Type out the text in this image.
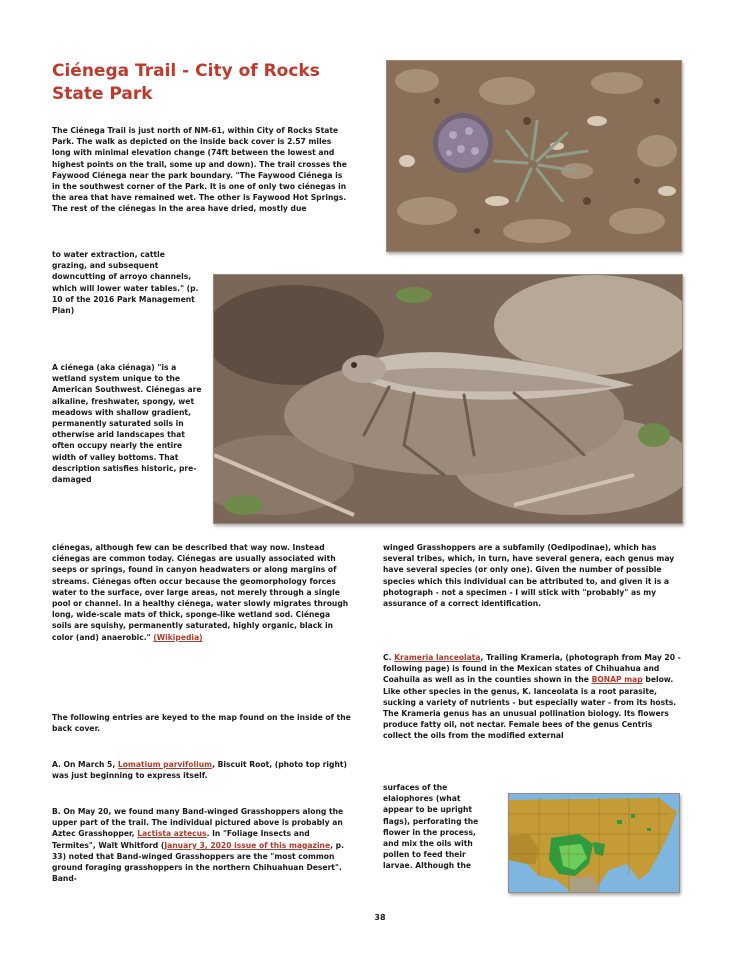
Ciénega Trail - City of Rocks State Park

The Ciénega Trail is just north of NM-61, within City of Rocks State Park. The walk as depicted on the inside back cover is 2.57 miles long with minimal elevation change (74ft between the lowest and highest points on the trail, some up and down). The trail crosses the Faywood Ciénega near the park boundary. "The Faywood Ciénega is in the southwest corner of the Park. It is one of only two ciénegas in the area that have remained wet. The other is Faywood Hot Springs. The rest of the ciénegas in the area have dried, mostly due

to water extraction, cattle grazing, and subsequent downcutting of arroyo channels, which will lower water tables." (p. 10 of the 2016 Park Management Plan)

A ciénega (aka ciénaga) "is a wetland system unique to the American Southwest. Ciénegas are alkaline, freshwater, spongy, wet meadows with shallow gradient, permanently saturated soils in otherwise arid landscapes that often occupy nearly the entire width of valley bottoms. That description satisfies historic, pre-damaged

ciénegas, although few can be described that way now. Instead ciénegas are common today. Ciénegas are usually associated with seeps or springs, found in canyon headwaters or along margins of streams. Ciénegas often occur because the geomorphology forces water to the surface, over large areas, not merely through a single pool or channel. In a healthy ciénega, water slowly migrates through long, wide-scale mats of thick, sponge-like wetland sod. Ciénega soils are squishy, permanently saturated, highly organic, black in color (and) anaerobic." (Wikipedia)

The following entries are keyed to the map found on the inside of the back cover.

A. On March 5, Lomatium parvifolium, Biscuit Root, (photo top right) was just beginning to express itself.

B. On May 20, we found many Band-winged Grasshoppers along the upper part of the trail. The individual pictured above is probably an Aztec Grasshopper, Lactista aztecus. In "Foliage Insects and Termites", Walt Whitford (January 3, 2020 issue of this magazine, p. 33) noted that Band-winged Grasshoppers are the "most common ground foraging grasshoppers in the northern Chihuahuan Desert". Band-

winged Grasshoppers are a subfamily (Oedipodinae), which has several tribes, which, in turn, have several genera, each genus may have several species (or only one). Given the number of possible species which this individual can be attributed to, and given it is a photograph - not a specimen - I will stick with "probably" as my assurance of a correct identification.

C. Krameria lanceolata, Trailing Krameria, (photograph from May 20 - following page) is found in the Mexican states of Chihuahua and Coahuila as well as in the counties shown in the BONAP map below. Like other species in the genus, K. lanceolata is a root parasite, sucking a variety of nutrients - but especially water - from its hosts. The Krameria genus has an unusual pollination biology. Its flowers produce fatty oil, not nectar. Female bees of the genus Centris collect the oils from the modified external

surfaces of the elaiophores (what appear to be upright flags), perforating the flower in the process, and mix the oils with pollen to feed their larvae. Although the

38
